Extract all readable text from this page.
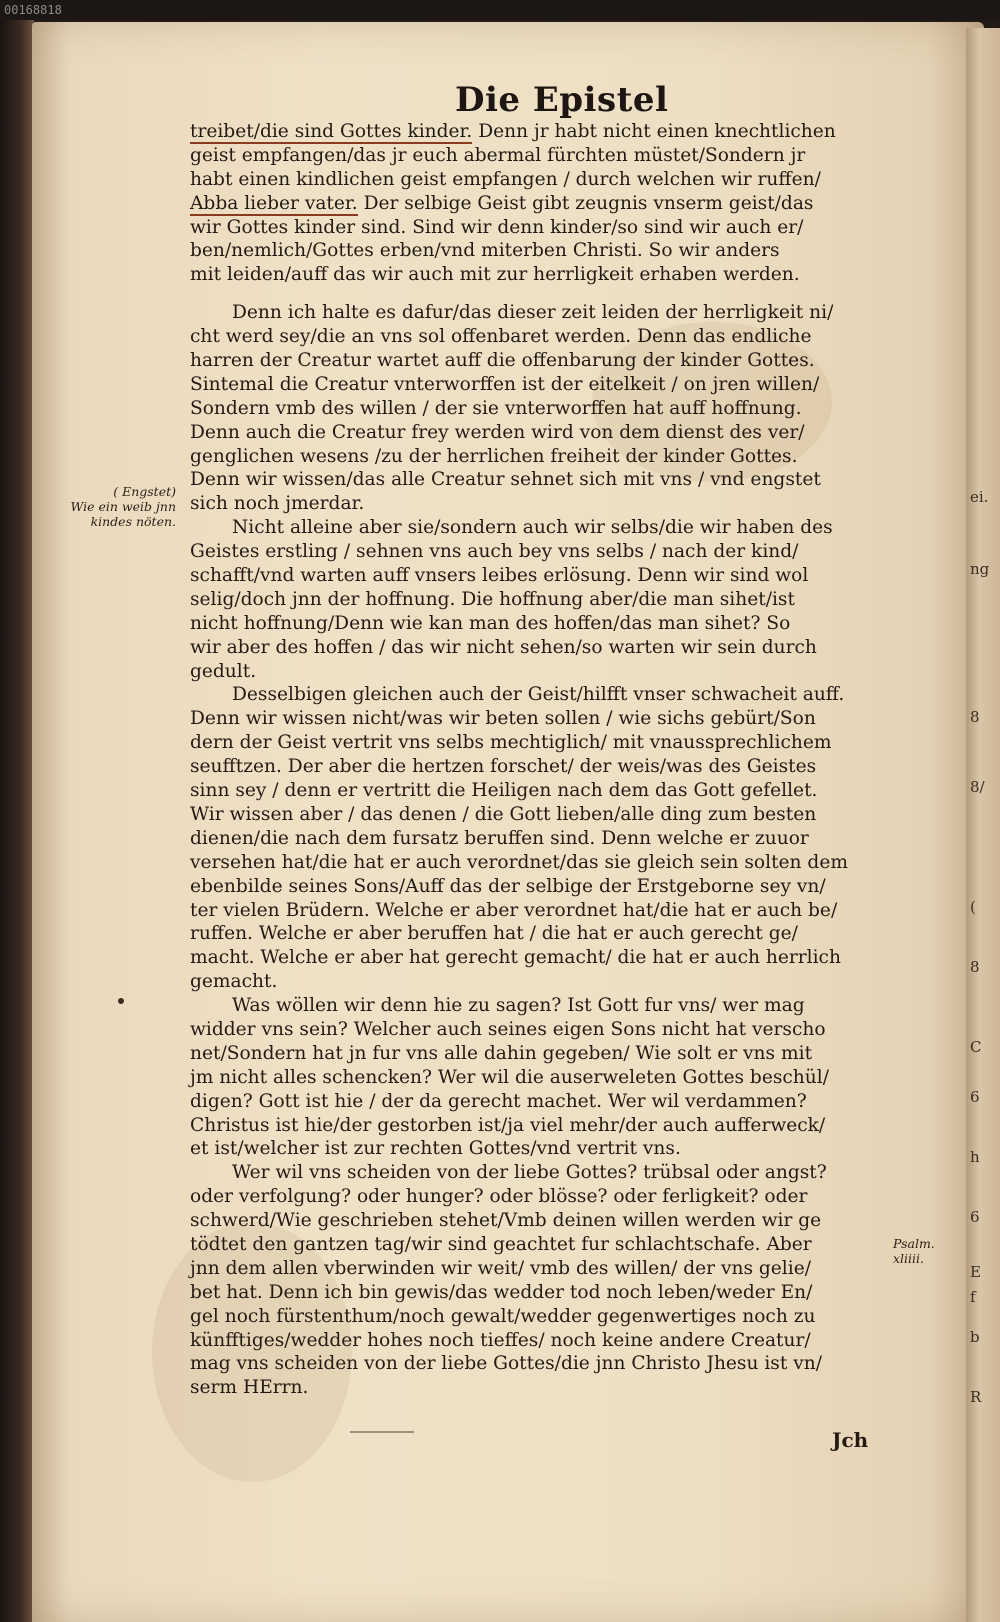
00168818
ei.
ng
8
8/
(
8
C
6
h
6
E
f
b
R
Die Epistel
( Engstet)
Wie ein weib jnn
kindes nöten.
Psalm.
xliiii.
treibet/die sind Gottes kinder. Denn jr habt nicht einen knechtlichen
geist empfangen/das jr euch abermal fürchten müstet/Sondern jr
habt einen kindlichen geist empfangen / durch welchen wir ruffen/
Abba lieber vater. Der selbige Geist gibt zeugnis vnserm geist/das
wir Gottes kinder sind. Sind wir denn kinder/so sind wir auch er/
ben/nemlich/Gottes erben/vnd miterben Christi. So wir anders
mit leiden/auff das wir auch mit zur herrligkeit erhaben werden.
Denn ich halte es dafur/das dieser zeit leiden der herrligkeit ni/
cht werd sey/die an vns sol offenbaret werden. Denn das endliche
harren der Creatur wartet auff die offenbarung der kinder Gottes.
Sintemal die Creatur vnterworffen ist der eitelkeit / on jren willen/
Sondern vmb des willen / der sie vnterworffen hat auff hoffnung.
Denn auch die Creatur frey werden wird von dem dienst des ver/
genglichen wesens /zu der herrlichen freiheit der kinder Gottes.
Denn wir wissen/das alle Creatur sehnet sich mit vns / vnd engstet
sich noch jmerdar.
Nicht alleine aber sie/sondern auch wir selbs/die wir haben des
Geistes erstling / sehnen vns auch bey vns selbs / nach der kind/
schafft/vnd warten auff vnsers leibes erlösung. Denn wir sind wol
selig/doch jnn der hoffnung. Die hoffnung aber/die man sihet/ist
nicht hoffnung/Denn wie kan man des hoffen/das man sihet? So
wir aber des hoffen / das wir nicht sehen/so warten wir sein durch
gedult.
Desselbigen gleichen auch der Geist/hilfft vnser schwacheit auff.
Denn wir wissen nicht/was wir beten sollen / wie sichs gebürt/Son
dern der Geist vertrit vns selbs mechtiglich/ mit vnaussprechlichem
seufftzen. Der aber die hertzen forschet/ der weis/was des Geistes
sinn sey / denn er vertritt die Heiligen nach dem das Gott gefellet.
Wir wissen aber / das denen / die Gott lieben/alle ding zum besten
dienen/die nach dem fursatz beruffen sind. Denn welche er zuuor
versehen hat/die hat er auch verordnet/das sie gleich sein solten dem
ebenbilde seines Sons/Auff das der selbige der Erstgeborne sey vn/
ter vielen Brüdern. Welche er aber verordnet hat/die hat er auch be/
ruffen. Welche er aber beruffen hat / die hat er auch gerecht ge/
macht. Welche er aber hat gerecht gemacht/ die hat er auch herrlich
gemacht.
Was wöllen wir denn hie zu sagen? Ist Gott fur vns/ wer mag
widder vns sein? Welcher auch seines eigen Sons nicht hat verscho
net/Sondern hat jn fur vns alle dahin gegeben/ Wie solt er vns mit
jm nicht alles schencken? Wer wil die auserweleten Gottes beschül/
digen? Gott ist hie / der da gerecht machet. Wer wil verdammen?
Christus ist hie/der gestorben ist/ja viel mehr/der auch aufferweck/
et ist/welcher ist zur rechten Gottes/vnd vertrit vns.
Wer wil vns scheiden von der liebe Gottes? trübsal oder angst?
oder verfolgung? oder hunger? oder blösse? oder ferligkeit? oder
schwerd/Wie geschrieben stehet/Vmb deinen willen werden wir ge
tödtet den gantzen tag/wir sind geachtet fur schlachtschafe. Aber
jnn dem allen vberwinden wir weit/ vmb des willen/ der vns gelie/
bet hat. Denn ich bin gewis/das wedder tod noch leben/weder En/
gel noch fürstenthum/noch gewalt/wedder gegenwertiges noch zu
künfftiges/wedder hohes noch tieffes/ noch keine andere Creatur/
mag vns scheiden von der liebe Gottes/die jnn Christo Jhesu ist vn/
serm HErrn.
Jch
